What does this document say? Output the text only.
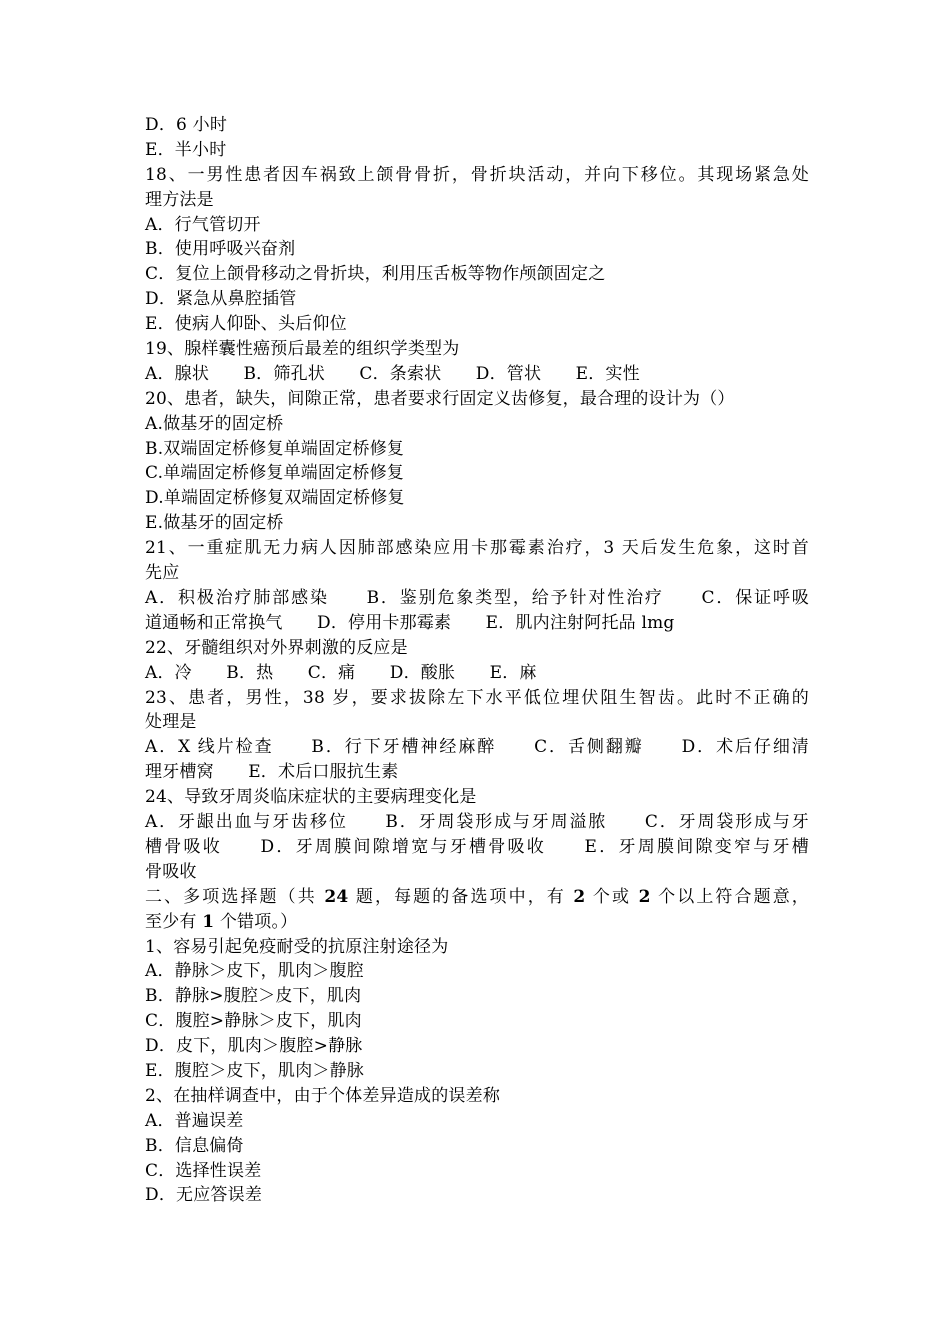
D．6 小时
E．半小时
18、一男性患者因车祸致上颌骨骨折，骨折块活动，并向下移位。其现场紧急处
理方法是
A．行气管切开
B．使用呼吸兴奋剂
C．复位上颌骨移动之骨折块，利用压舌板等物作颅颌固定之
D．紧急从鼻腔插管
E．使病人仰卧、头后仰位
19、腺样囊性癌预后最差的组织学类型为
A．腺状　　B．筛孔状　　C．条索状　　D．管状　　E．实性
20、患者，缺失，间隙正常，患者要求行固定义齿修复，最合理的设计为（）
A.做基牙的固定桥
B.双端固定桥修复单端固定桥修复
C.单端固定桥修复单端固定桥修复
D.单端固定桥修复双端固定桥修复
E.做基牙的固定桥
21、一重症肌无力病人因肺部感染应用卡那霉素治疗，3 天后发生危象，这时首
先应
A．积极治疗肺部感染　　B．鉴别危象类型，给予针对性治疗　　C．保证呼吸
道通畅和正常换气　　D．停用卡那霉素　　E．肌内注射阿托品 lmg
22、牙髓组织对外界刺激的反应是
A．冷　　B．热　　C．痛　　D．酸胀　　E．麻
23、患者，男性，38 岁，要求拔除左下水平低位埋伏阻生智齿。此时不正确的
处理是
A．X 线片检查　　B．行下牙槽神经麻醉　　C．舌侧翻瓣　　D．术后仔细清
理牙槽窝　　E．术后口服抗生素
24、导致牙周炎临床症状的主要病理变化是
A．牙龈出血与牙齿移位　　B．牙周袋形成与牙周溢脓　　C．牙周袋形成与牙
槽骨吸收　　D．牙周膜间隙增宽与牙槽骨吸收　　E．牙周膜间隙变窄与牙槽
骨吸收
二、多项选择题（共 24 题，每题的备选项中，有 2 个或 2 个以上符合题意，
至少有 1 个错项。）
1、容易引起免疫耐受的抗原注射途径为
A．静脉＞皮下，肌肉＞腹腔
B．静脉>腹腔＞皮下，肌肉
C．腹腔>静脉＞皮下，肌肉
D．皮下，肌肉＞腹腔>静脉
E．腹腔＞皮下，肌肉＞静脉
2、在抽样调查中，由于个体差异造成的误差称
A．普遍误差
B．信息偏倚
C．选择性误差
D．无应答误差
